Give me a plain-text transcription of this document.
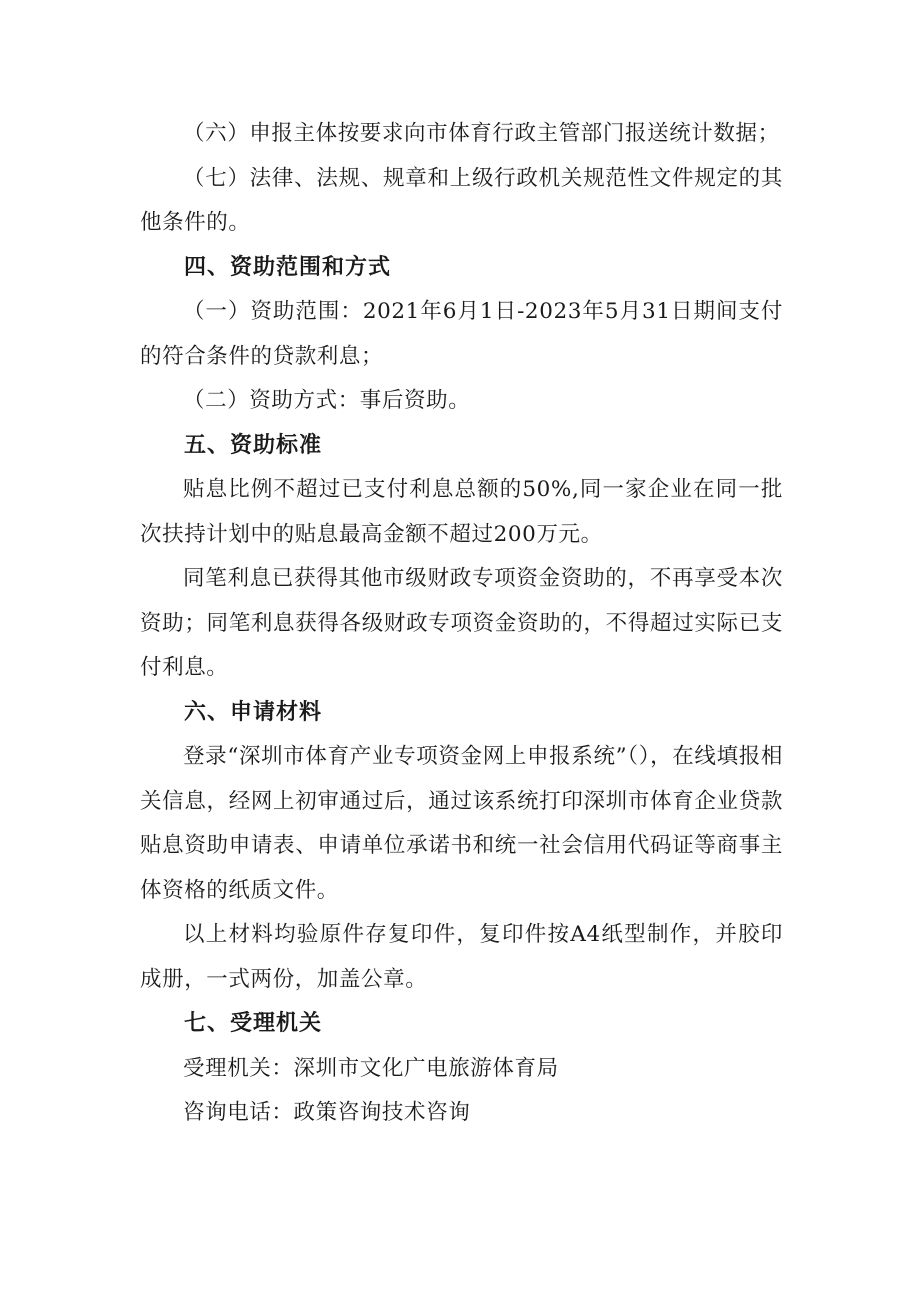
（六）申报主体按要求向市体育行政主管部门报送统计数据；

（七）法律、法规、规章和上级行政机关规范性文件规定的其他条件的。

四、资助范围和方式

（一）资助范围：2021年6月1日-2023年5月31日期间支付的符合条件的贷款利息；

（二）资助方式：事后资助。

五、资助标准

贴息比例不超过已支付利息总额的50%,同一家企业在同一批次扶持计划中的贴息最高金额不超过200万元。

同笔利息已获得其他市级财政专项资金资助的，不再享受本次资助；同笔利息获得各级财政专项资金资助的，不得超过实际已支付利息。

六、申请材料

登录“深圳市体育产业专项资金网上申报系统”（），在线填报相关信息，经网上初审通过后，通过该系统打印深圳市体育企业贷款贴息资助申请表、申请单位承诺书和统一社会信用代码证等商事主体资格的纸质文件。

以上材料均验原件存复印件，复印件按A4纸型制作，并胶印成册，一式两份，加盖公章。

七、受理机关

受理机关：深圳市文化广电旅游体育局

咨询电话：政策咨询技术咨询
